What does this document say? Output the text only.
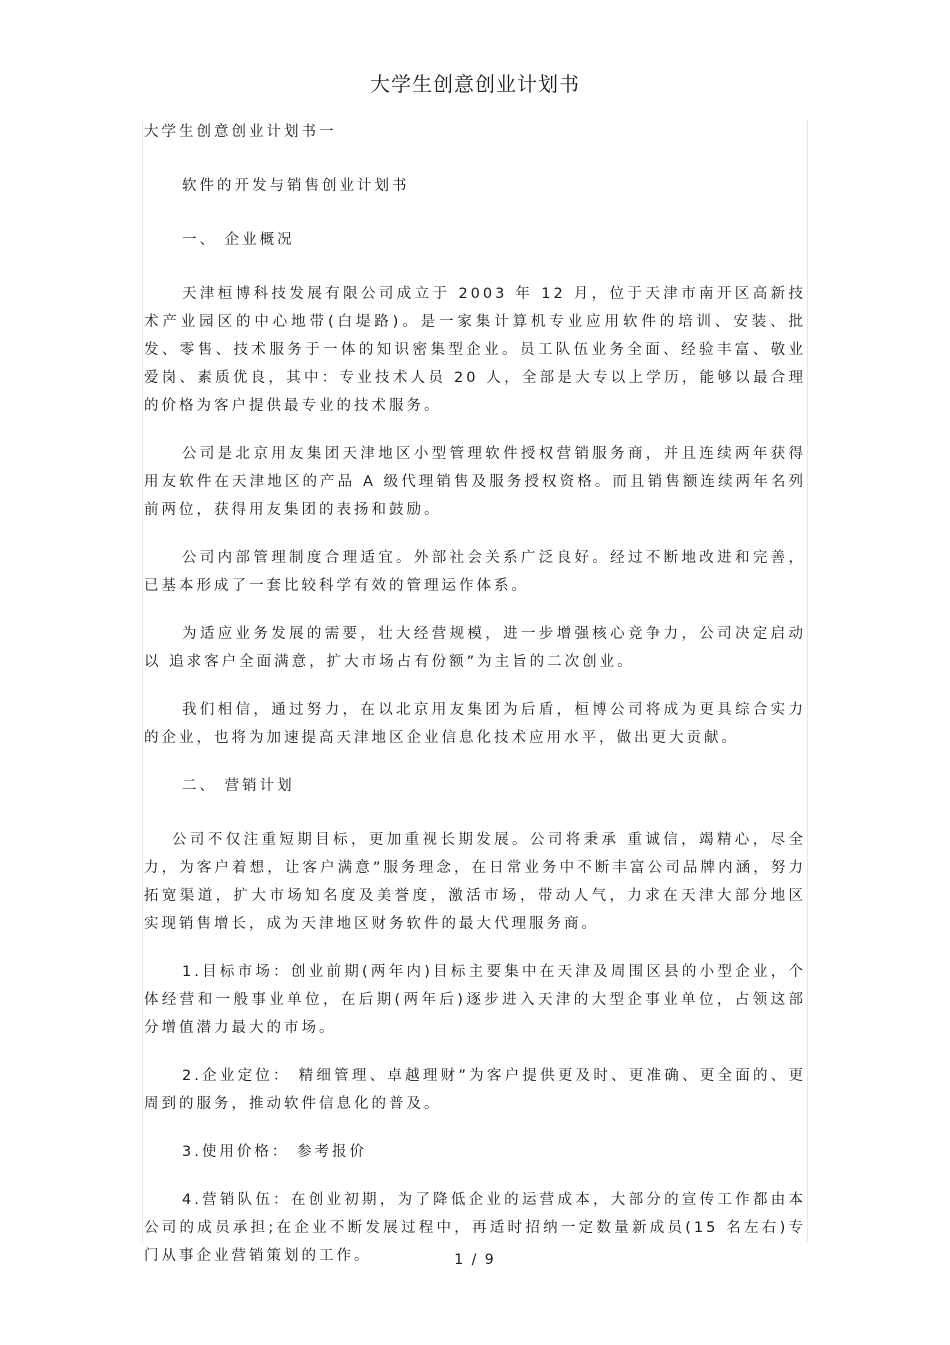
大学生创意创业计划书

大学生创意创业计划书一

软件的开发与销售创业计划书

一、 企业概况

天津桓博科技发展有限公司成立于 2003 年 12 月，位于天津市南开区高新技术产业园区的中心地带(白堤路)。是一家集计算机专业应用软件的培训、安装、批发、零售、技术服务于一体的知识密集型企业。员工队伍业务全面、经验丰富、敬业爱岗、素质优良，其中：专业技术人员 20 人，全部是大专以上学历，能够以最合理的价格为客户提供最专业的技术服务。

公司是北京用友集团天津地区小型管理软件授权营销服务商，并且连续两年获得用友软件在天津地区的产品 A 级代理销售及服务授权资格。而且销售额连续两年名列前两位，获得用友集团的表扬和鼓励。

公司内部管理制度合理适宜。外部社会关系广泛良好。经过不断地改进和完善，已基本形成了一套比较科学有效的管理运作体系。

为适应业务发展的需要，壮大经营规模，进一步增强核心竞争力，公司决定启动以 追求客户全面满意，扩大市场占有份额”为主旨的二次创业。

我们相信，通过努力，在以北京用友集团为后盾，桓博公司将成为更具综合实力的企业，也将为加速提高天津地区企业信息化技术应用水平，做出更大贡献。

二、 营销计划

公司不仅注重短期目标，更加重视长期发展。公司将秉承 重诚信，竭精心，尽全力，为客户着想，让客户满意”服务理念，在日常业务中不断丰富公司品牌内涵，努力拓宽渠道，扩大市场知名度及美誉度，激活市场，带动人气，力求在天津大部分地区实现销售增长，成为天津地区财务软件的最大代理服务商。

1.目标市场：创业前期(两年内)目标主要集中在天津及周围区县的小型企业，个体经营和一般事业单位，在后期(两年后)逐步进入天津的大型企事业单位，占领这部分增值潜力最大的市场。

2.企业定位： 精细管理、卓越理财”为客户提供更及时、更准确、更全面的、更周到的服务，推动软件信息化的普及。

3.使用价格： 参考报价

4.营销队伍：在创业初期，为了降低企业的运营成本，大部分的宣传工作都由本公司的成员承担;在企业不断发展过程中，再适时招纳一定数量新成员(15 名左右)专门从事企业营销策划的工作。	1 / 9
